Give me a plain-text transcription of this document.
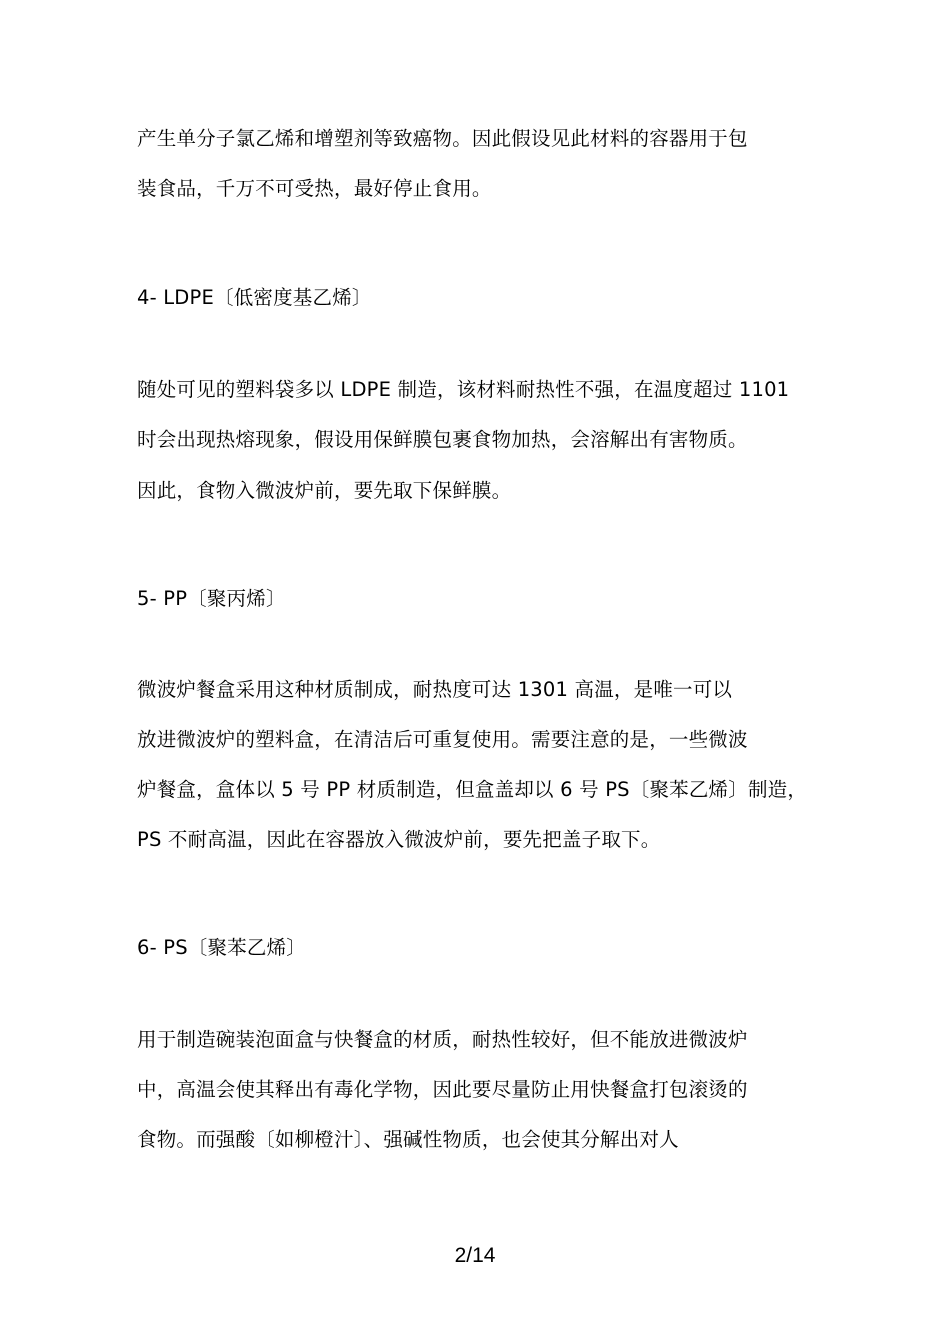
产生单分子氯乙烯和增塑剂等致癌物。因此假设见此材料的容器用于包
装食品，千万不可受热，最好停止食用。
4- LDPE〔低密度基乙烯〕
随处可见的塑料袋多以 LDPE 制造，该材料耐热性不强，在温度超过 1101
时会出现热熔现象，假设用保鲜膜包裹食物加热，会溶解出有害物质。
因此，食物入微波炉前，要先取下保鲜膜。
5- PP〔聚丙烯〕
微波炉餐盒采用这种材质制成，耐热度可达 1301 高温，是唯一可以
放进微波炉的塑料盒，在清洁后可重复使用。需要注意的是，一些微波
炉餐盒，盒体以 5 号 PP 材质制造，但盒盖却以 6 号 PS〔聚苯乙烯〕制造，
PS 不耐高温，因此在容器放入微波炉前，要先把盖子取下。
6- PS〔聚苯乙烯〕
用于制造碗装泡面盒与快餐盒的材质，耐热性较好，但不能放进微波炉
中，高温会使其释出有毒化学物，因此要尽量防止用快餐盒打包滚烫的
食物。而强酸〔如柳橙汁〕、强碱性物质，也会使其分解出对人
2/14
